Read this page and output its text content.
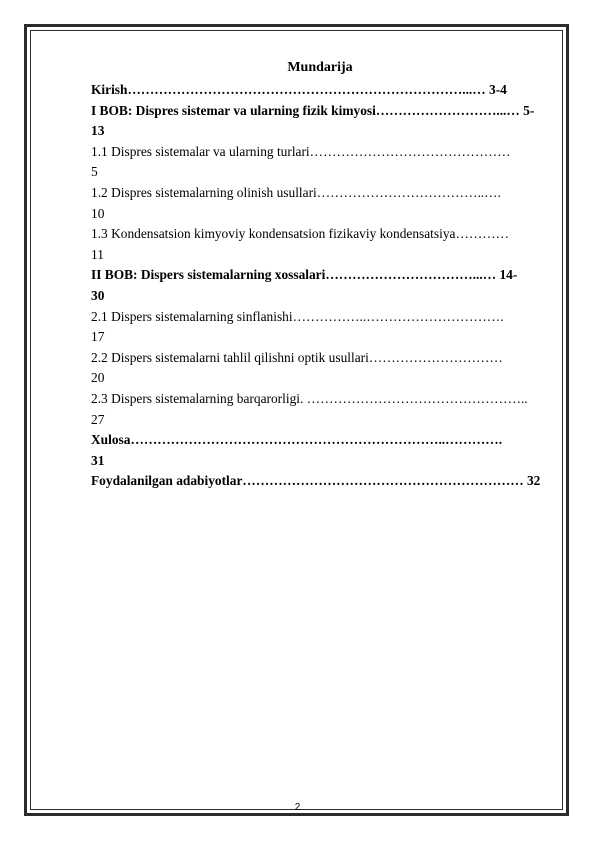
Mundarija
Kirish…………………………………………………………………...… 3-4
I BOB: Dispres sistemar va ularning fizik kimyosi………………………...… 5-
13
1.1 Dispres sistemalar va ularning turlari………………………………………
5
1.2 Dispres sistemalarning olinish usullari………………………………..….
10
1.3 Kondensatsion kimyoviy kondensatsion fizikaviy kondensatsiya…………
11
II BOB: Dispers sistemalarning xossalari……………………………...… 14-
30
2.1 Dispers sistemalarning sinflanishi……………..………………………….
17
2.2 Dispers sistemalarni tahlil qilishni optik usullari…………………………
20
2.3 Dispers sistemalarning barqarorligi. …………………………………………..
27
Xulosa……………………………………………………………..………….
31
Foydalanilgan adabiyotlar……………………………………………………… 32
2
